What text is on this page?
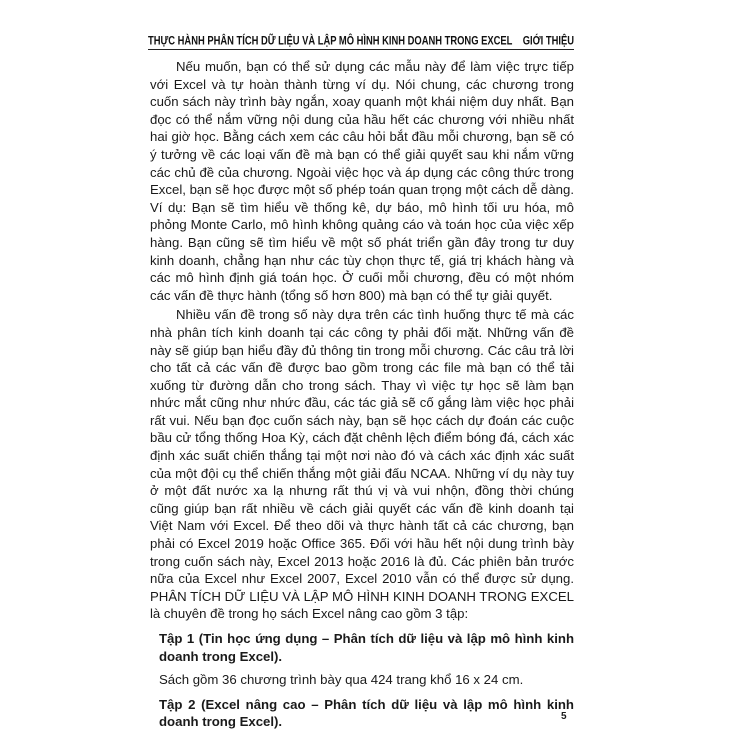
THỰC HÀNH PHÂN TÍCH DỮ LIỆU VÀ LẬP MÔ HÌNH KINH DOANH TRONG EXCEL GIỚI THIỆU

Nếu muốn, bạn có thể sử dụng các mẫu này để làm việc trực tiếp với Excel và tự hoàn thành từng ví dụ. Nói chung, các chương trong cuốn sách này trình bày ngắn, xoay quanh một khái niệm duy nhất. Bạn đọc có thể nắm vững nội dung của hầu hết các chương với nhiều nhất hai giờ học. Bằng cách xem các câu hỏi bắt đầu mỗi chương, bạn sẽ có ý tưởng về các loại vấn đề mà bạn có thể giải quyết sau khi nắm vững các chủ đề của chương. Ngoài việc học và áp dụng các công thức trong Excel, bạn sẽ học được một số phép toán quan trọng một cách dễ dàng. Ví dụ: Bạn sẽ tìm hiểu về thống kê, dự báo, mô hình tối ưu hóa, mô phỏng Monte Carlo, mô hình không quảng cáo và toán học của việc xếp hàng. Bạn cũng sẽ tìm hiểu về một số phát triển gần đây trong tư duy kinh doanh, chẳng hạn như các tùy chọn thực tế, giá trị khách hàng và các mô hình định giá toán học. Ở cuối mỗi chương, đều có một nhóm các vấn đề thực hành (tổng số hơn 800) mà bạn có thể tự giải quyết.

Nhiều vấn đề trong số này dựa trên các tình huống thực tế mà các nhà phân tích kinh doanh tại các công ty phải đối mặt. Những vấn đề này sẽ giúp bạn hiểu đầy đủ thông tin trong mỗi chương. Các câu trả lời cho tất cả các vấn đề được bao gồm trong các file mà bạn có thể tải xuống từ đường dẫn cho trong sách. Thay vì việc tự học sẽ làm bạn nhức mắt cũng như nhức đầu, các tác giả sẽ cố gắng làm việc học phải rất vui. Nếu bạn đọc cuốn sách này, bạn sẽ học cách dự đoán các cuộc bầu cử tổng thống Hoa Kỳ, cách đặt chênh lệch điểm bóng đá, cách xác định xác suất chiến thắng tại một nơi nào đó và cách xác định xác suất của một đội cụ thể chiến thắng một giải đấu NCAA. Những ví dụ này tuy ở một đất nước xa lạ nhưng rất thú vị và vui nhộn, đồng thời chúng cũng giúp bạn rất nhiều về cách giải quyết các vấn đề kinh doanh tại Việt Nam với Excel. Để theo dõi và thực hành tất cả các chương, bạn phải có Excel 2019 hoặc Office 365. Đối với hầu hết nội dung trình bày trong cuốn sách này, Excel 2013 hoặc 2016 là đủ. Các phiên bản trước nữa của Excel như Excel 2007, Excel 2010 vẫn có thể được sử dụng. PHÂN TÍCH DỮ LIỆU VÀ LẬP MÔ HÌNH KINH DOANH TRONG EXCEL là chuyên đề trong họ sách Excel nâng cao gồm 3 tập:

Tập 1 (Tin học ứng dụng – Phân tích dữ liệu và lập mô hình kinh doanh trong Excel).

Sách gồm 36 chương trình bày qua 424 trang khổ 16 x 24 cm.

Tập 2 (Excel nâng cao – Phân tích dữ liệu và lập mô hình kinh doanh trong Excel).	5
